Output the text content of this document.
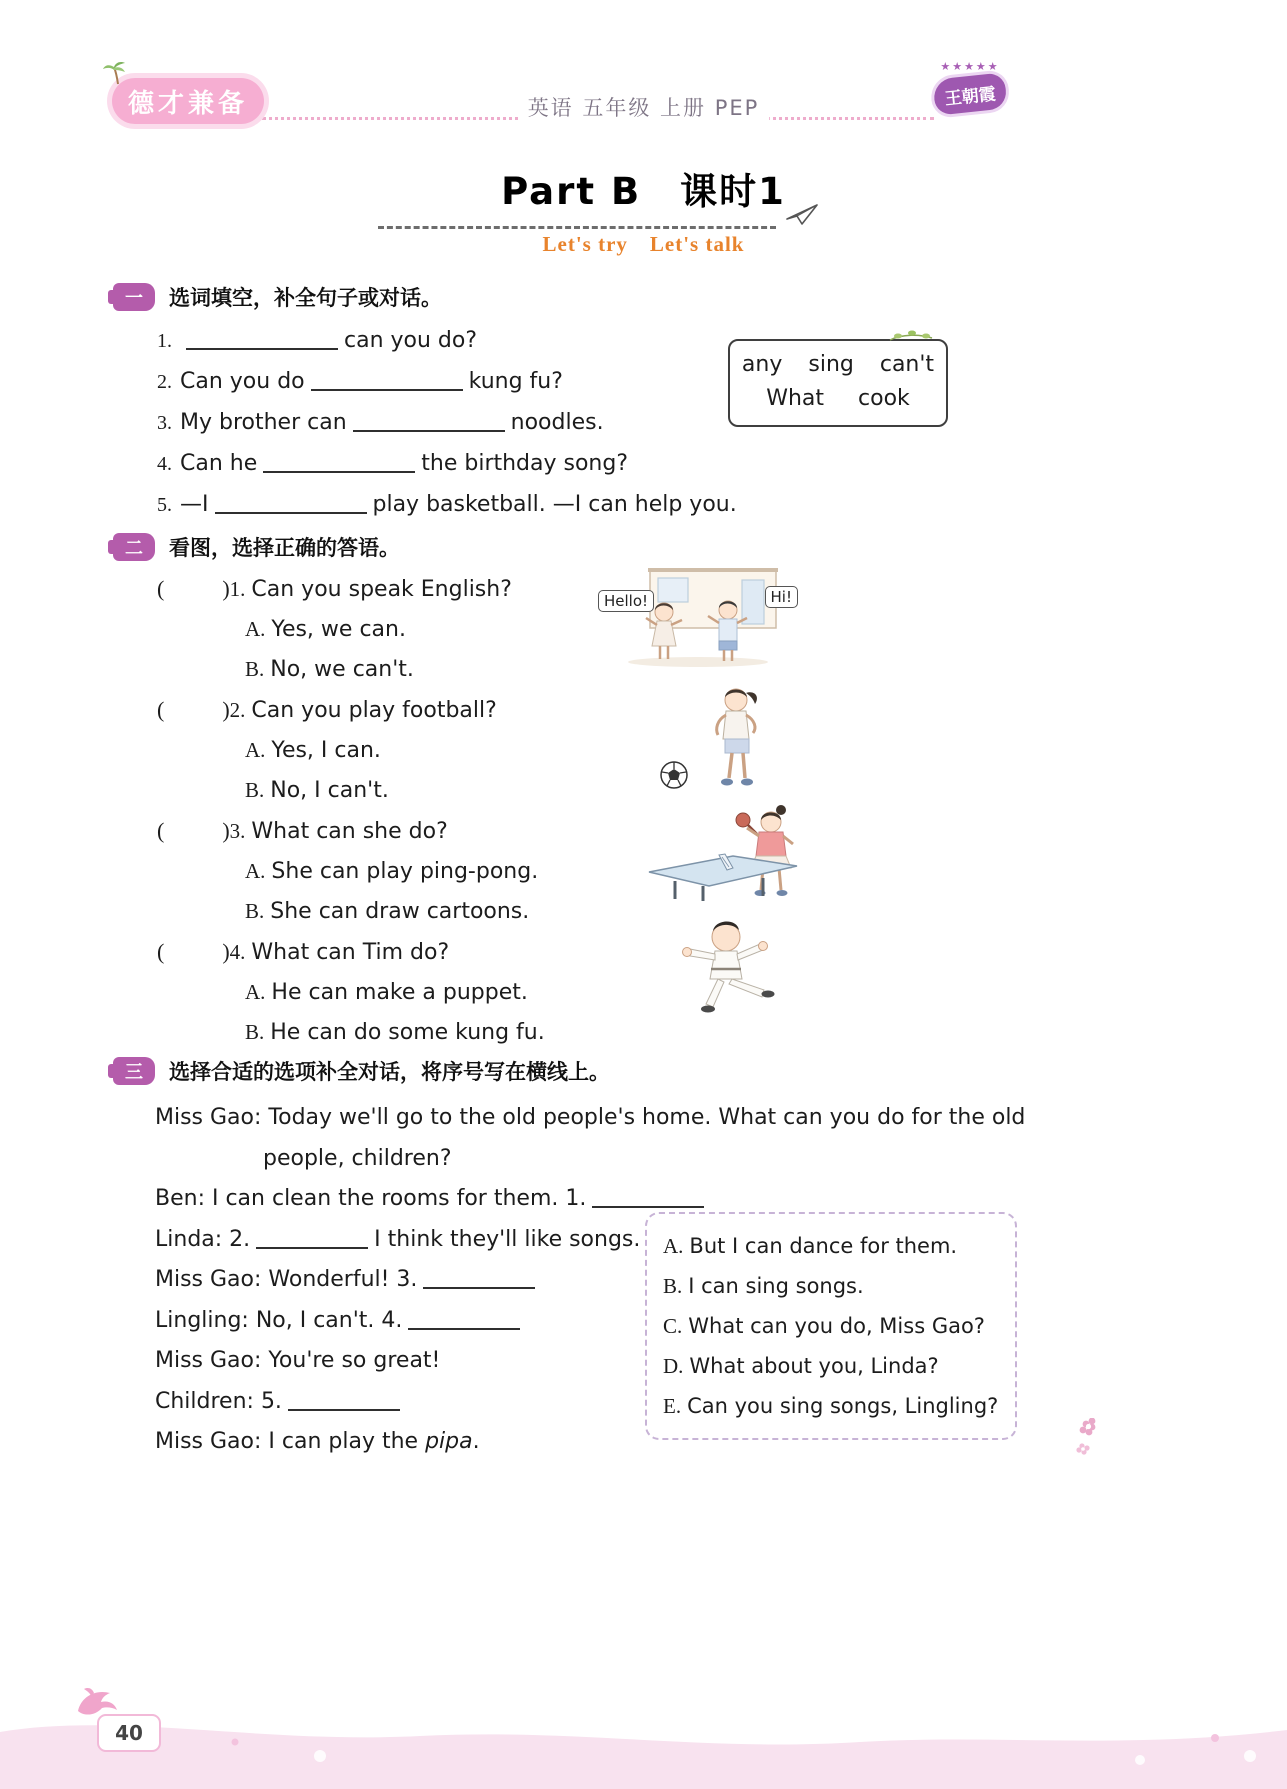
德才兼备	英语 五年级 上册 PEP
★★★★★
王朝霞
Part B　课时1
Let's try　Let's talk
一 选词填空，补全句子或对话。
1.	can you do?
2. Can you do	kung fu?
3. My brother can	noodles.
4. Can he	the birthday song?
5. —I	play basketball. —I can help you.
any sing can't
What cook
二 看图，选择正确的答语。
(	)1. Can you speak English?
A. Yes, we can.
B. No, we can't.
(	)2. Can you play football?
A. Yes, I can.
B. No, I can't.
(	)3. What can she do?
A. She can play ping-pong.
B. She can draw cartoons.
(	)4. What can Tim do?
A. He can make a puppet.
B. He can do some kung fu.
Hello!	Hi!
三 选择合适的选项补全对话，将序号写在横线上。
Miss Gao: Today we'll go to the old people's home. What can you do for the old people, children?
Ben: I can clean the rooms for them. 1.
Linda: 2.	I think they'll like songs.
Miss Gao: Wonderful! 3.
Lingling: No, I can't. 4.
Miss Gao: You're so great!
Children: 5.
Miss Gao: I can play the pipa.
A. But I can dance for them.
B. I can sing songs.
C. What can you do, Miss Gao?
D. What about you, Linda?
E. Can you sing songs, Lingling?
40
